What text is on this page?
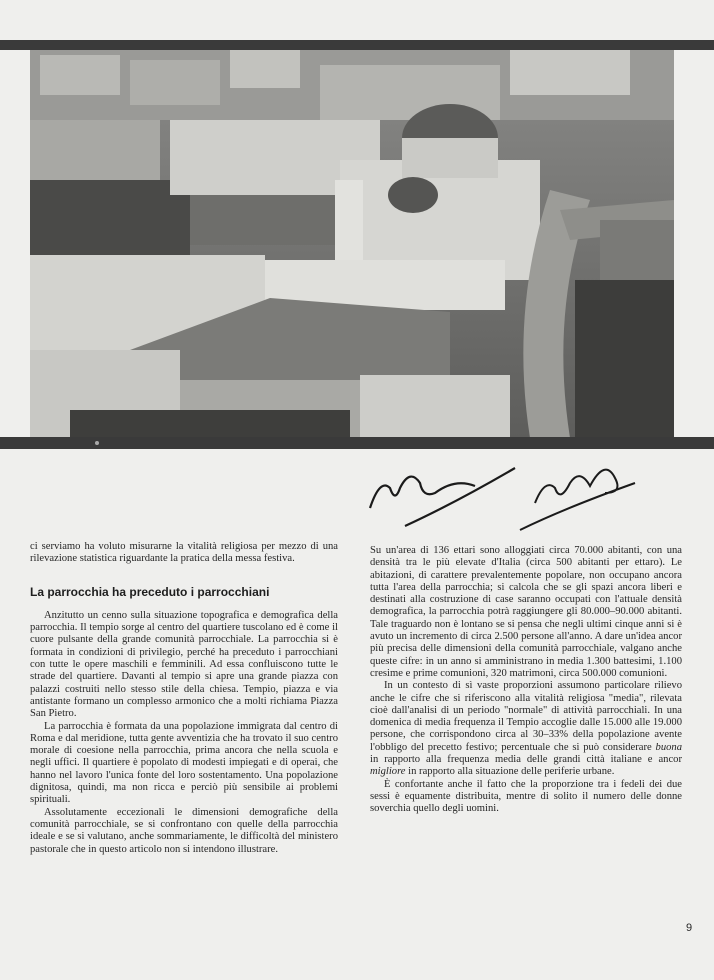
ci serviamo ha voluto misurarne la vitalità religiosa per mezzo di una rilevazione statistica riguardante la pratica della messa festiva.

La parrocchia ha preceduto i parrocchiani

Anzitutto un cenno sulla situazione topografica e demografica della parrocchia. Il tempio sorge al centro del quartiere tuscolano ed è come il cuore pulsante della grande comunità parrocchiale. La parrocchia si è formata in condizioni di privilegio, perché ha preceduto i parrocchiani con tutte le opere maschili e femminili. Ad essa confluiscono tutte le strade del quartiere. Davanti al tempio si apre una grande piazza con palazzi costruiti nello stesso stile della chiesa. Tempio, piazza e via antistante formano un complesso armonico che a molti richiama Piazza San Pietro.

La parrocchia è formata da una popolazione immigrata dal centro di Roma e dal meridione, tutta gente avventizia che ha trovato il suo centro morale di coesione nella parrocchia, prima ancora che nella scuola e negli uffici. Il quartiere è popolato di modesti impiegati e di operai, che hanno nel lavoro l'unica fonte del loro sostentamento. Una popolazione dignitosa, quindi, ma non ricca e perciò più sensibile ai problemi spirituali.

Assolutamente eccezionali le dimensioni demografiche della comunità parrocchiale, se si confrontano con quelle della parrocchia ideale e se si valutano, anche sommariamente, le difficoltà del ministero pastorale che in questo articolo non si intendono illustrare.

Su un'area di 136 ettari sono alloggiati circa 70.000 abitanti, con una densità tra le più elevate d'Italia (circa 500 abitanti per ettaro). Le abitazioni, di carattere prevalentemente popolare, non occupano ancora tutta l'area della parrocchia; si calcola che se gli spazi ancora liberi e destinati alla costruzione di case saranno occupati con l'attuale densità demografica, la parrocchia potrà raggiungere gli 80.000–90.000 abitanti. Tale traguardo non è lontano se si pensa che negli ultimi cinque anni si è avuto un incremento di circa 2.500 persone all'anno. A dare un'idea ancor più precisa delle dimensioni della comunità parrocchiale, valgano anche queste cifre: in un anno si amministrano in media 1.300 battesimi, 1.100 cresime e prime comunioni, 320 matrimoni, circa 500.000 comunioni.

In un contesto di sì vaste proporzioni assumono particolare rilievo anche le cifre che si riferiscono alla vitalità religiosa "media", rilevata cioè dall'analisi di un periodo "normale" di attività parrocchiali. In una domenica di media frequenza il Tempio accoglie dalle 15.000 alle 19.000 persone, che corrispondono circa al 30–33% della popolazione avente l'obbligo del precetto festivo; percentuale che si può considerare buona in rapporto alla frequenza media delle grandi città italiane e ancor migliore in rapporto alla situazione delle periferie urbane.

È confortante anche il fatto che la proporzione tra i fedeli dei due sessi è equamente distribuita, mentre di solito il numero delle donne soverchia quello degli uomini.

9
